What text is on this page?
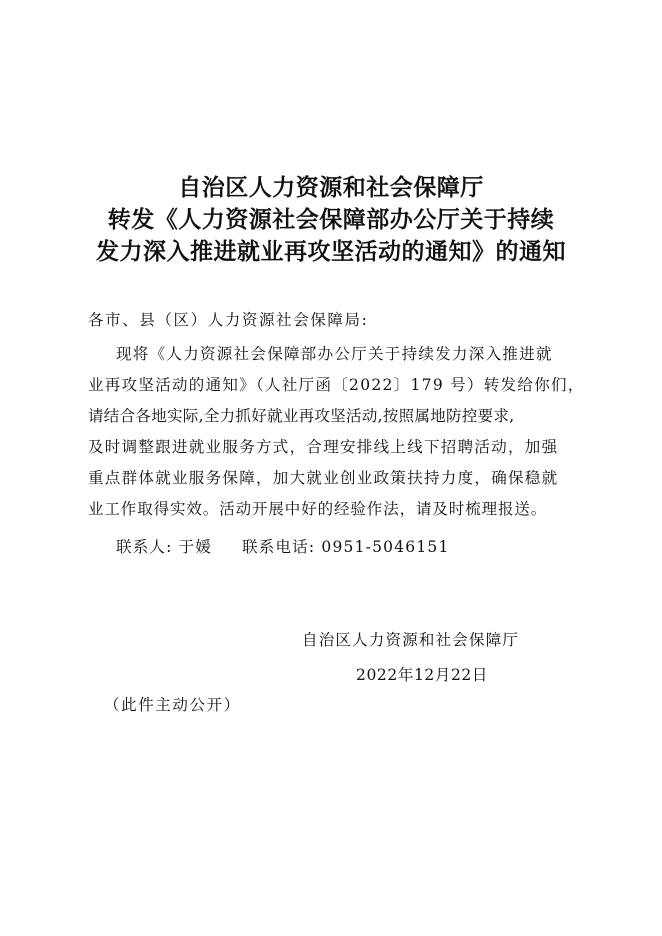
自治区人力资源和社会保障厅
转发《人力资源社会保障部办公厅关于持续
发力深入推进就业再攻坚活动的通知》的通知
各市、县（区）人力资源社会保障局:
现将《人力资源社会保障部办公厅关于持续发力深入推进就
业再攻坚活动的通知》（人社厅函〔2022〕179 号）转发给你们，
请结合各地实际,全力抓好就业再攻坚活动,按照属地防控要求,
及时调整跟进就业服务方式，合理安排线上线下招聘活动，加强
重点群体就业服务保障，加大就业创业政策扶持力度，确保稳就
业工作取得实效。活动开展中好的经验作法，请及时梳理报送。
联系人: 于媛 联系电话: 0951-5046151
自治区人力资源和社会保障厅
2022年12月22日
（此件主动公开）
